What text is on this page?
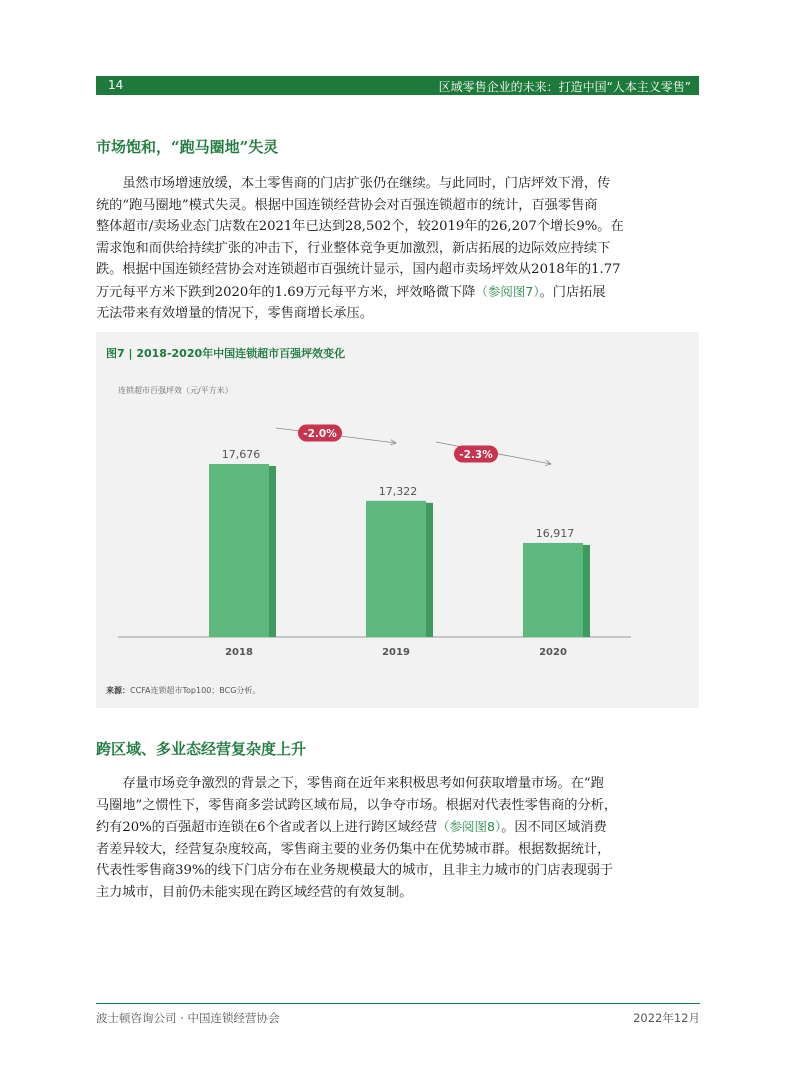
14	区域零售企业的未来：打造中国“人本主义零售”
市场饱和，“跑马圈地”失灵
　　虽然市场增速放缓，本土零售商的门店扩张仍在继续。与此同时，门店坪效下滑，传
统的“跑马圈地”模式失灵。根据中国连锁经营协会对百强连锁超市的统计，百强零售商
整体超市/卖场业态门店数在2021年已达到28,502个，较2019年的26,207个增长9%。在
需求饱和而供给持续扩张的冲击下，行业整体竞争更加激烈，新店拓展的边际效应持续下
跌。根据中国连锁经营协会对连锁超市百强统计显示，国内超市卖场坪效从2018年的1.77
万元每平方米下跌到2020年的1.69万元每平方米，坪效略微下降（参阅图7）。门店拓展
无法带来有效增量的情况下，零售商增长承压。
图7 | 2018-2020年中国连锁超市百强坪效变化
连锁超市百强坪效（元/平方米）
17,676
2018
17,322
2019
16,917
2020
-2.0%
-2.3%
来源：CCFA连锁超市Top100；BCG分析。
跨区域、多业态经营复杂度上升
　　存量市场竞争激烈的背景之下，零售商在近年来积极思考如何获取增量市场。在“跑
马圈地”之惯性下，零售商多尝试跨区域布局，以争夺市场。根据对代表性零售商的分析，
约有20%的百强超市连锁在6个省或者以上进行跨区域经营（参阅图8）。因不同区域消费
者差异较大，经营复杂度较高，零售商主要的业务仍集中在优势城市群。根据数据统计，
代表性零售商39%的线下门店分布在业务规模最大的城市，且非主力城市的门店表现弱于
主力城市，目前仍未能实现在跨区域经营的有效复制。
波士顿咨询公司 · 中国连锁经营协会	2022年12月
